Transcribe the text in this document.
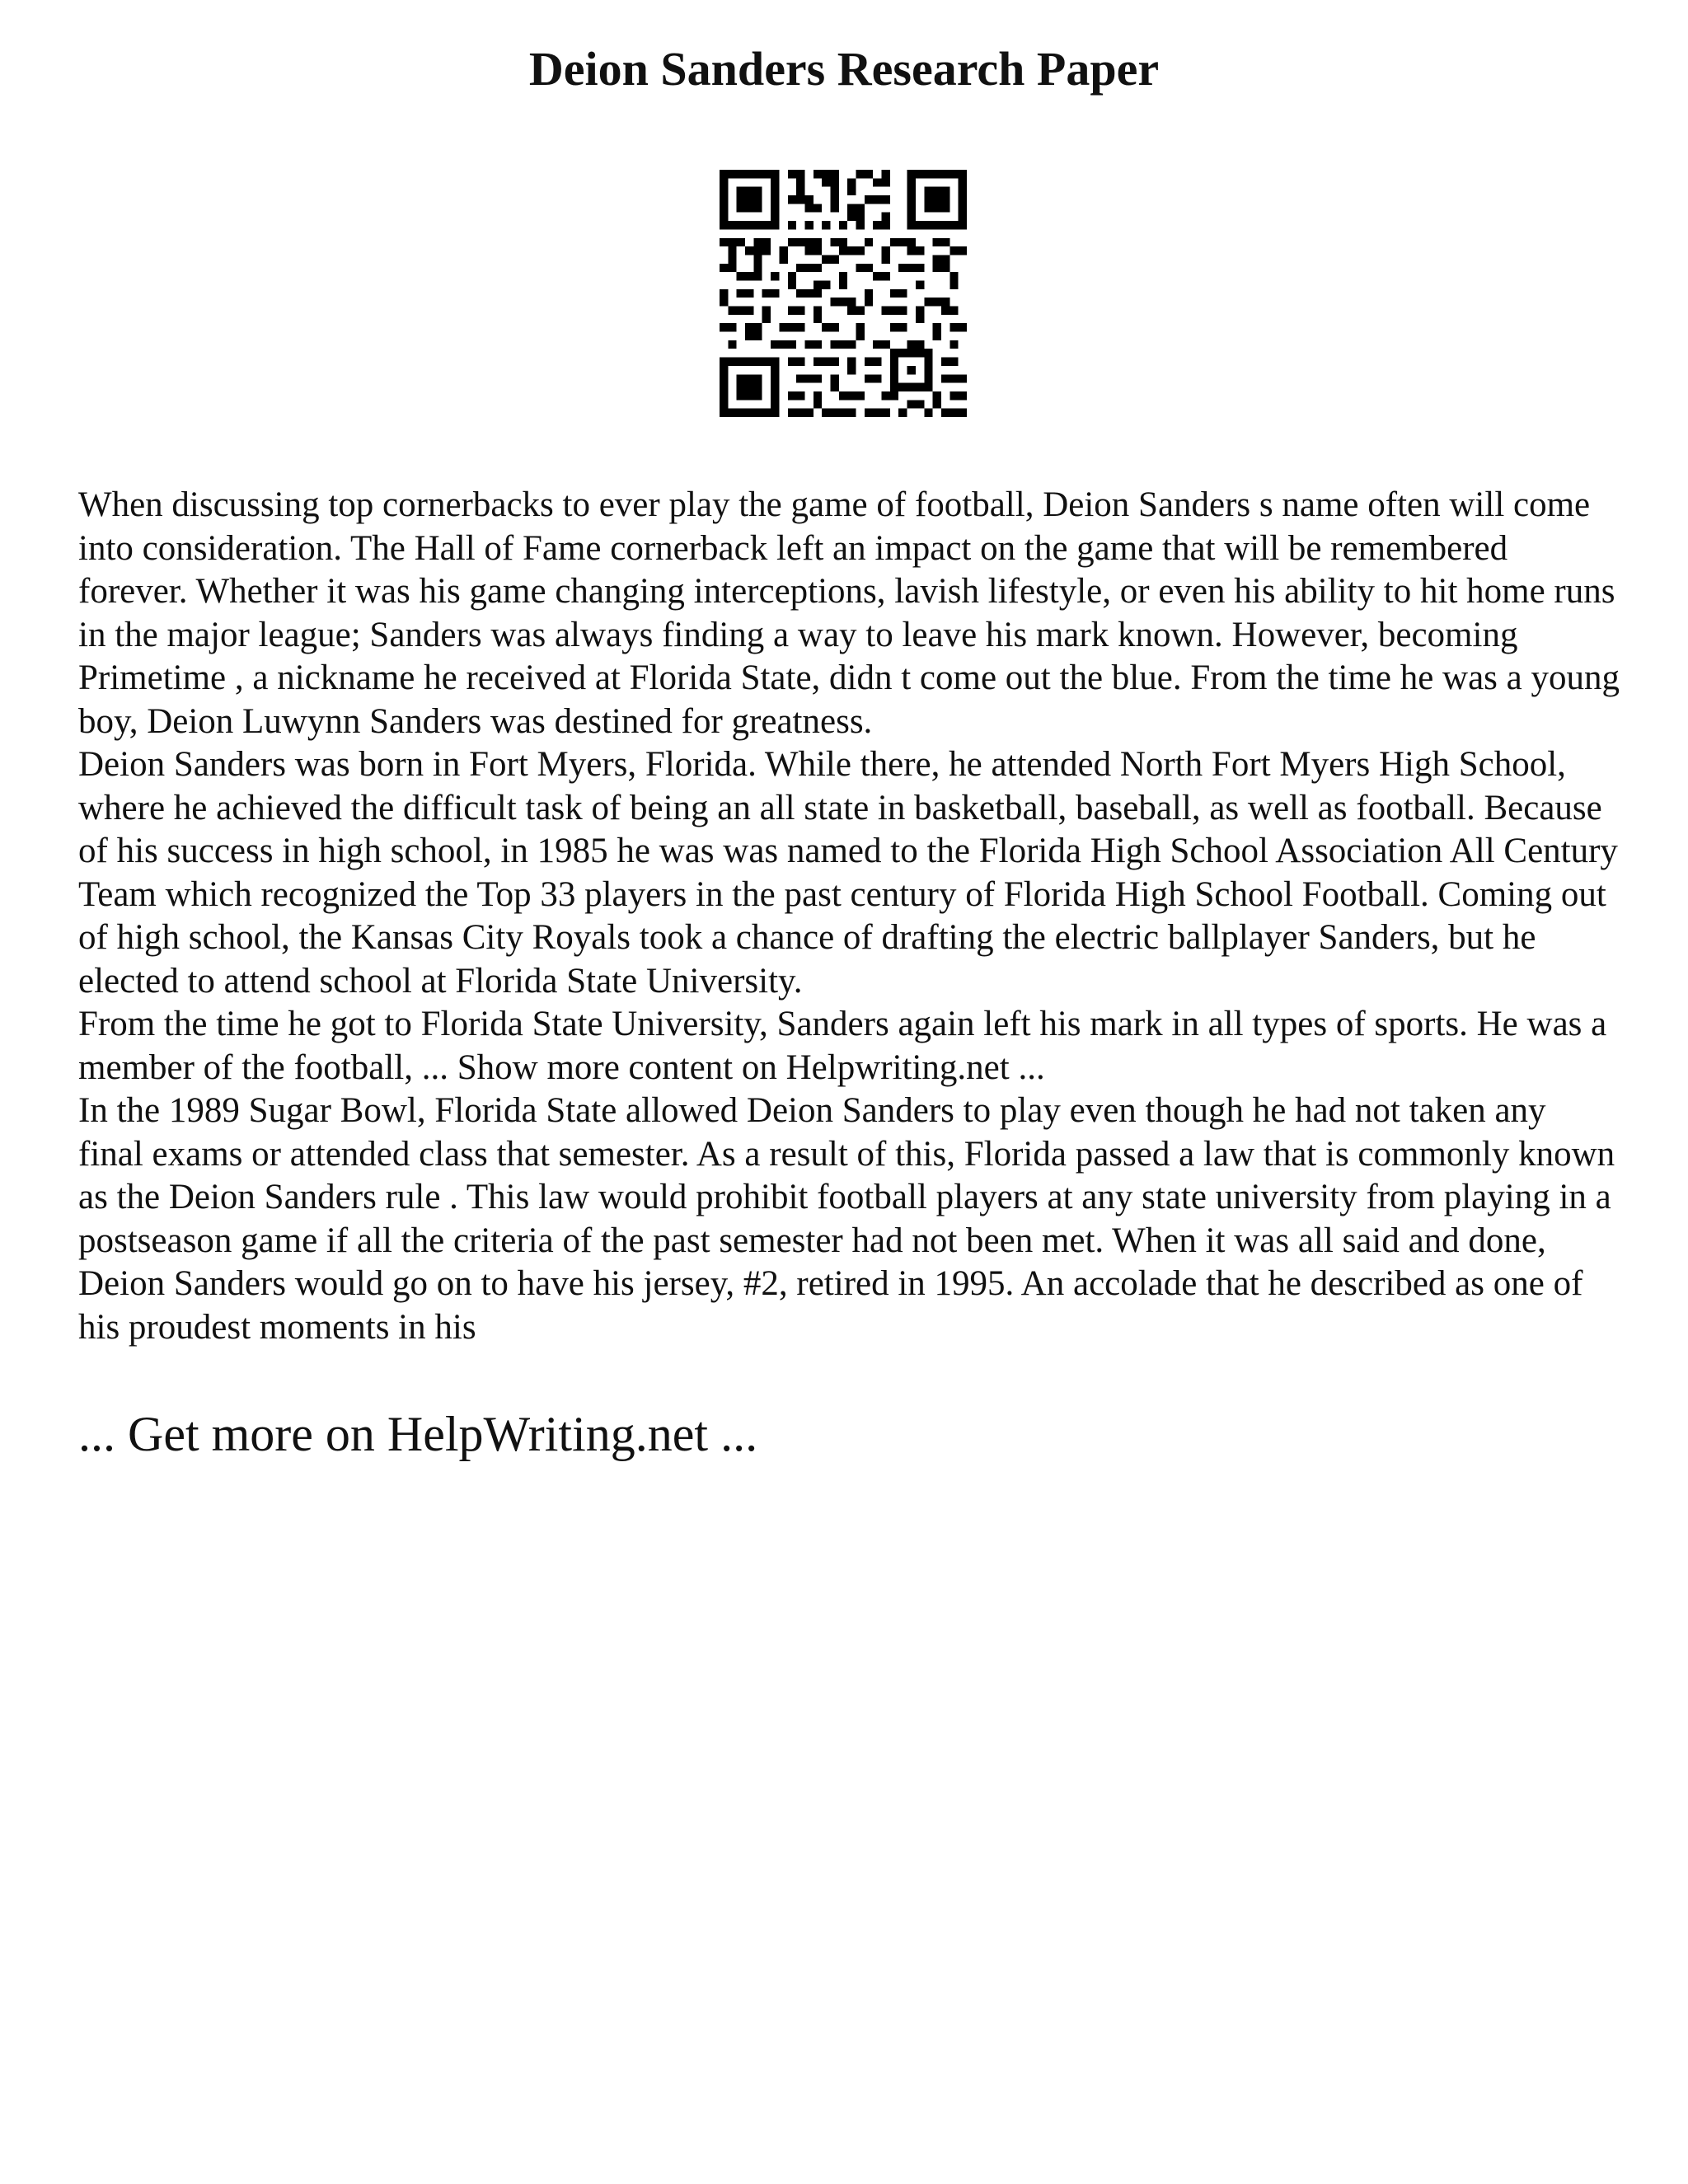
Deion Sanders Research Paper

When discussing top cornerbacks to ever play the game of football, Deion Sanders s name often will come into consideration. The Hall of Fame cornerback left an impact on the game that will be remembered forever. Whether it was his game changing interceptions, lavish lifestyle, or even his ability to hit home runs in the major league; Sanders was always finding a way to leave his mark known. However, becoming Primetime , a nickname he received at Florida State, didn t come out the blue. From the time he was a young boy, Deion Luwynn Sanders was destined for greatness.

Deion Sanders was born in Fort Myers, Florida. While there, he attended North Fort Myers High School, where he achieved the difficult task of being an all state in basketball, baseball, as well as football. Because of his success in high school, in 1985 he was was named to the Florida High School Association All Century Team which recognized the Top 33 players in the past century of Florida High School Football. Coming out of high school, the Kansas City Royals took a chance of drafting the electric ballplayer Sanders, but he elected to attend school at Florida State University.

From the time he got to Florida State University, Sanders again left his mark in all types of sports. He was a member of the football, ... Show more content on Helpwriting.net ...

In the 1989 Sugar Bowl, Florida State allowed Deion Sanders to play even though he had not taken any final exams or attended class that semester. As a result of this, Florida passed a law that is commonly known as the Deion Sanders rule . This law would prohibit football players at any state university from playing in a postseason game if all the criteria of the past semester had not been met. When it was all said and done, Deion Sanders would go on to have his jersey, #2, retired in 1995. An accolade that he described as one of his proudest moments in his

... Get more on HelpWriting.net ...
